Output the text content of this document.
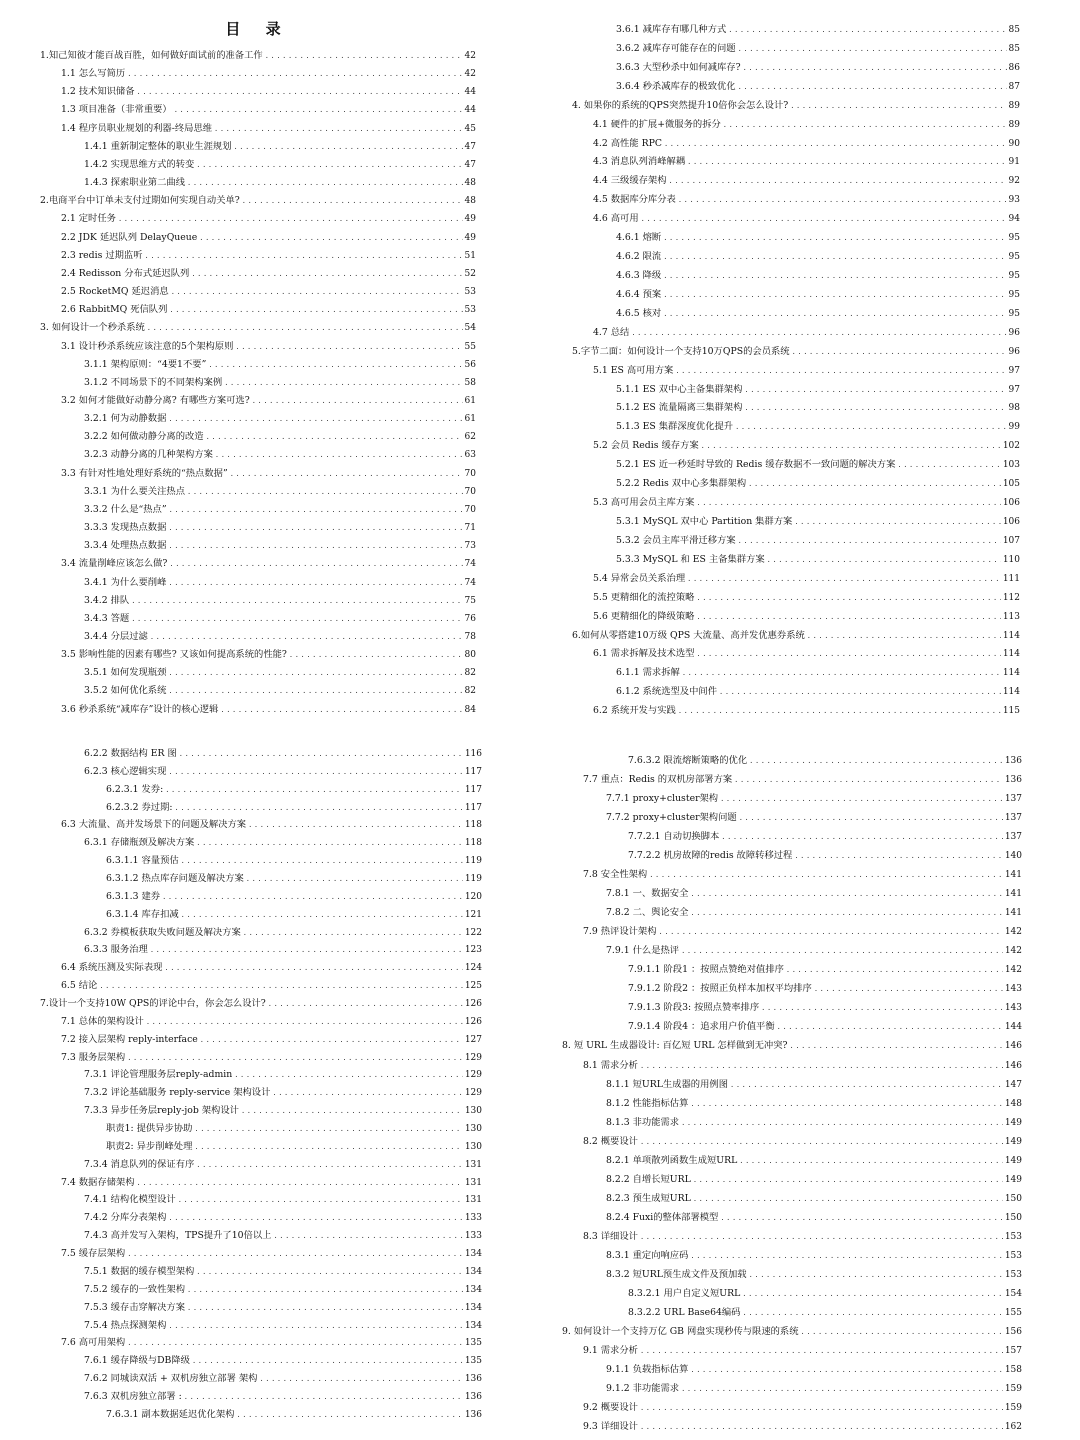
目 录
1.知己知彼才能百战百胜，如何做好面试前的准备工作 .....	42
1.1 怎么写简历 .....	42
1.2 技术知识储备 .....	44
1.3 项目准备（非常重要） .....	44
1.4 程序员职业规划的利器-终局思维 .....	45
1.4.1 重新制定整体的职业生涯规划 .....	47
1.4.2 实现思维方式的转变 .....	47
1.4.3 探索职业第二曲线 .....	48
2.电商平台中订单未支付过期如何实现自动关单? .....	48
2.1 定时任务 .....	49
2.2 JDK 延迟队列 DelayQueue .....	49
2.3 redis 过期监听 .....	51
2.4 Redisson 分布式延迟队列 .....	52
2.5 RocketMQ 延迟消息 .....	53
2.6 RabbitMQ 死信队列 .....	53
3. 如何设计一个秒杀系统 .....	54
3.1 设计秒杀系统应该注意的5个架构原则 .....	55
3.1.1 架构原则：“4要1不要” .....	56
3.1.2 不同场景下的不同架构案例 .....	58
3.2 如何才能做好动静分离? 有哪些方案可选? .....	61
3.2.1 何为动静数据 .....	61
3.2.2 如何做动静分离的改造 .....	62
3.2.3 动静分离的几种架构方案 .....	63
3.3 有针对性地处理好系统的“热点数据” .....	70
3.3.1 为什么要关注热点 .....	70
3.3.2 什么是“热点” .....	70
3.3.3 发现热点数据 .....	71
3.3.4 处理热点数据 .....	73
3.4 流量削峰应该怎么做? .....	74
3.4.1 为什么要削峰 .....	74
3.4.2 排队 .....	75
3.4.3 答题 .....	76
3.4.4 分层过滤 .....	78
3.5 影响性能的因素有哪些? 又该如何提高系统的性能? .....	80
3.5.1 如何发现瓶颈 .....	82
3.5.2 如何优化系统 .....	82
3.6 秒杀系统“减库存”设计的核心逻辑 .....	84
3.6.1 减库存有哪几种方式 .....	85
3.6.2 减库存可能存在的问题 .....	85
3.6.3 大型秒杀中如何减库存? .....	86
3.6.4 秒杀减库存的极致优化 .....	87
4. 如果你的系统的QPS突然提升10倍你会怎么设计? .....	89
4.1 硬件的扩展+微服务的拆分 .....	89
4.2 高性能 RPC .....	90
4.3 消息队列消峰解耦 .....	91
4.4 三级缓存架构 .....	92
4.5 数据库分库分表 .....	93
4.6 高可用 .....	94
4.6.1 熔断 .....	95
4.6.2 限流 .....	95
4.6.3 降级 .....	95
4.6.4 预案 .....	95
4.6.5 核对 .....	95
4.7 总结 .....	96
5.字节二面：如何设计一个支持10万QPS的会员系统 .....	96
5.1 ES 高可用方案 .....	97
5.1.1 ES 双中心主备集群架构 .....	97
5.1.2 ES 流量隔离三集群架构 .....	98
5.1.3 ES 集群深度优化提升 .....	99
5.2 会员 Redis 缓存方案 .....	102
5.2.1 ES 近一秒延时导致的 Redis 缓存数据不一致问题的解决方案 .....	103
5.2.2 Redis 双中心多集群架构 .....	105
5.3 高可用会员主库方案 .....	106
5.3.1 MySQL 双中心 Partition 集群方案 .....	106
5.3.2 会员主库平滑迁移方案 .....	107
5.3.3 MySQL 和 ES 主备集群方案 .....	110
5.4 异常会员关系治理 .....	111
5.5 更精细化的流控策略 .....	112
5.6 更精细化的降级策略 .....	113
6.如何从零搭建10万级 QPS 大流量、高并发优惠券系统 .....	114
6.1 需求拆解及技术选型 .....	114
6.1.1 需求拆解 .....	114
6.1.2 系统选型及中间件 .....	114
6.2 系统开发与实践 .....	115
6.2.2 数据结构 ER 图 .....	116
6.2.3 核心逻辑实现 .....	117
6.2.3.1 发券: .....	117
6.2.3.2 券过期: .....	117
6.3 大流量、高并发场景下的问题及解决方案 .....	118
6.3.1 存储瓶颈及解决方案 .....	118
6.3.1.1 容量预估 .....	119
6.3.1.2 热点库存问题及解决方案 .....	119
6.3.1.3 建券 .....	120
6.3.1.4 库存扣减 .....	121
6.3.2 券模板获取失败问题及解决方案 .....	122
6.3.3 服务治理 .....	123
6.4 系统压测及实际表现 .....	124
6.5 结论 .....	125
7.设计一个支持10W QPS的评论中台，你会怎么设计? .....	126
7.1 总体的架构设计 .....	126
7.2 接入层架构 reply-interface .....	127
7.3 服务层架构 .....	129
7.3.1 评论管理服务层reply-admin .....	129
7.3.2 评论基础服务 reply-service 架构设计 .....	129
7.3.3 异步任务层reply-job 架构设计 .....	130
职责1: 提供异步协助 .....	130
职责2: 异步削峰处理 .....	130
7.3.4 消息队列的保证有序 .....	131
7.4 数据存储架构 .....	131
7.4.1 结构化模型设计 .....	131
7.4.2 分库分表架构 .....	133
7.4.3 高并发写入架构，TPS提升了10倍以上 .....	133
7.5 缓存层架构 .....	134
7.5.1 数据的缓存模型架构 .....	134
7.5.2 缓存的一致性架构 .....	134
7.5.3 缓存击穿解决方案 .....	134
7.5.4 热点探测架构 .....	134
7.6 高可用架构 .....	135
7.6.1 缓存降级与DB降级 .....	135
7.6.2 同城读双活 + 双机房独立部署 架构 .....	136
7.6.3 双机房独立部署 : .....	136
7.6.3.1 副本数据延迟优化架构 .....	136
7.6.3.2 限流熔断策略的优化 .....	136
7.7 重点：Redis 的双机房部署方案 .....	136
7.7.1 proxy+cluster架构 .....	137
7.7.2 proxy+cluster架构问题 .....	137
7.7.2.1 自动切换脚本 .....	137
7.7.2.2 机房故障的redis 故障转移过程 .....	140
7.8 安全性架构 .....	141
7.8.1 一、数据安全 .....	141
7.8.2 二、舆论安全 .....	141
7.9 热评设计架构 .....	142
7.9.1 什么是热评 .....	142
7.9.1.1 阶段1 ：按照点赞绝对值排序 .....	142
7.9.1.2 阶段2 ：按照正负样本加权平均排序 .....	143
7.9.1.3 阶段3: 按照点赞率排序 .....	143
7.9.1.4 阶段4 ：追求用户价值平衡 .....	144
8. 短 URL 生成器设计: 百亿短 URL 怎样做到无冲突? .....	146
8.1 需求分析 .....	146
8.1.1 短URL生成器的用例图 .....	147
8.1.2 性能指标估算 .....	148
8.1.3 非功能需求 .....	149
8.2 概要设计 .....	149
8.2.1 单项散列函数生成短URL .....	149
8.2.2 自增长短URL .....	149
8.2.3 预生成短URL .....	150
8.2.4 Fuxi的整体部署模型 .....	150
8.3 详细设计 .....	153
8.3.1 重定向响应码 .....	153
8.3.2 短URL预生成文件及预加载 .....	153
8.3.2.1 用户自定义短URL .....	154
8.3.2.2 URL Base64编码 .....	155
9. 如何设计一个支持万亿 GB 网盘实现秒传与限速的系统 .....	156
9.1 需求分析 .....	157
9.1.1 负载指标估算 .....	158
9.1.2 非功能需求 .....	159
9.2 概要设计 .....	159
9.3 详细设计 .....	162
